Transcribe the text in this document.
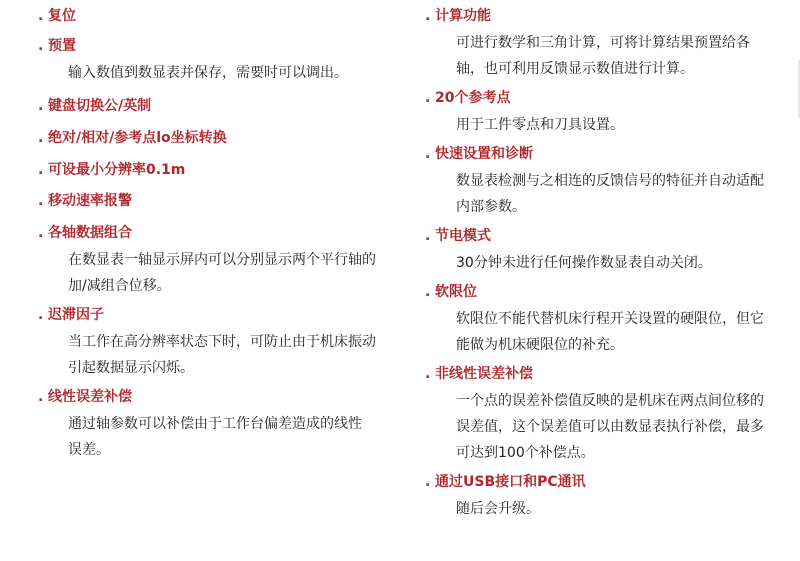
. 复位
. 预置
输入数值到数显表并保存，需要时可以调出。
. 键盘切换公/英制
. 绝对/相对/参考点lo坐标转换
. 可设最小分辨率0.1m
. 移动速率报警
. 各轴数据组合
在数显表一轴显示屏内可以分别显示两个平行轴的
加/减组合位移。
. 迟滞因子
当工作在高分辨率状态下时，可防止由于机床振动
引起数据显示闪烁。
. 线性误差补偿
通过轴参数可以补偿由于工作台偏差造成的线性
误差。
. 计算功能
可进行数学和三角计算，可将计算结果预置给各
轴，也可利用反馈显示数值进行计算。
. 20个参考点
用于工件零点和刀具设置。
. 快速设置和诊断
数显表检测与之相连的反馈信号的特征并自动适配
内部参数。
. 节电模式
30分钟未进行任何操作数显表自动关闭。
. 软限位
软限位不能代替机床行程开关设置的硬限位，但它
能做为机床硬限位的补充。
. 非线性误差补偿
一个点的误差补偿值反映的是机床在两点间位移的
误差值，这个误差值可以由数显表执行补偿，最多
可达到100个补偿点。
. 通过USB接口和PC通讯
随后会升级。
